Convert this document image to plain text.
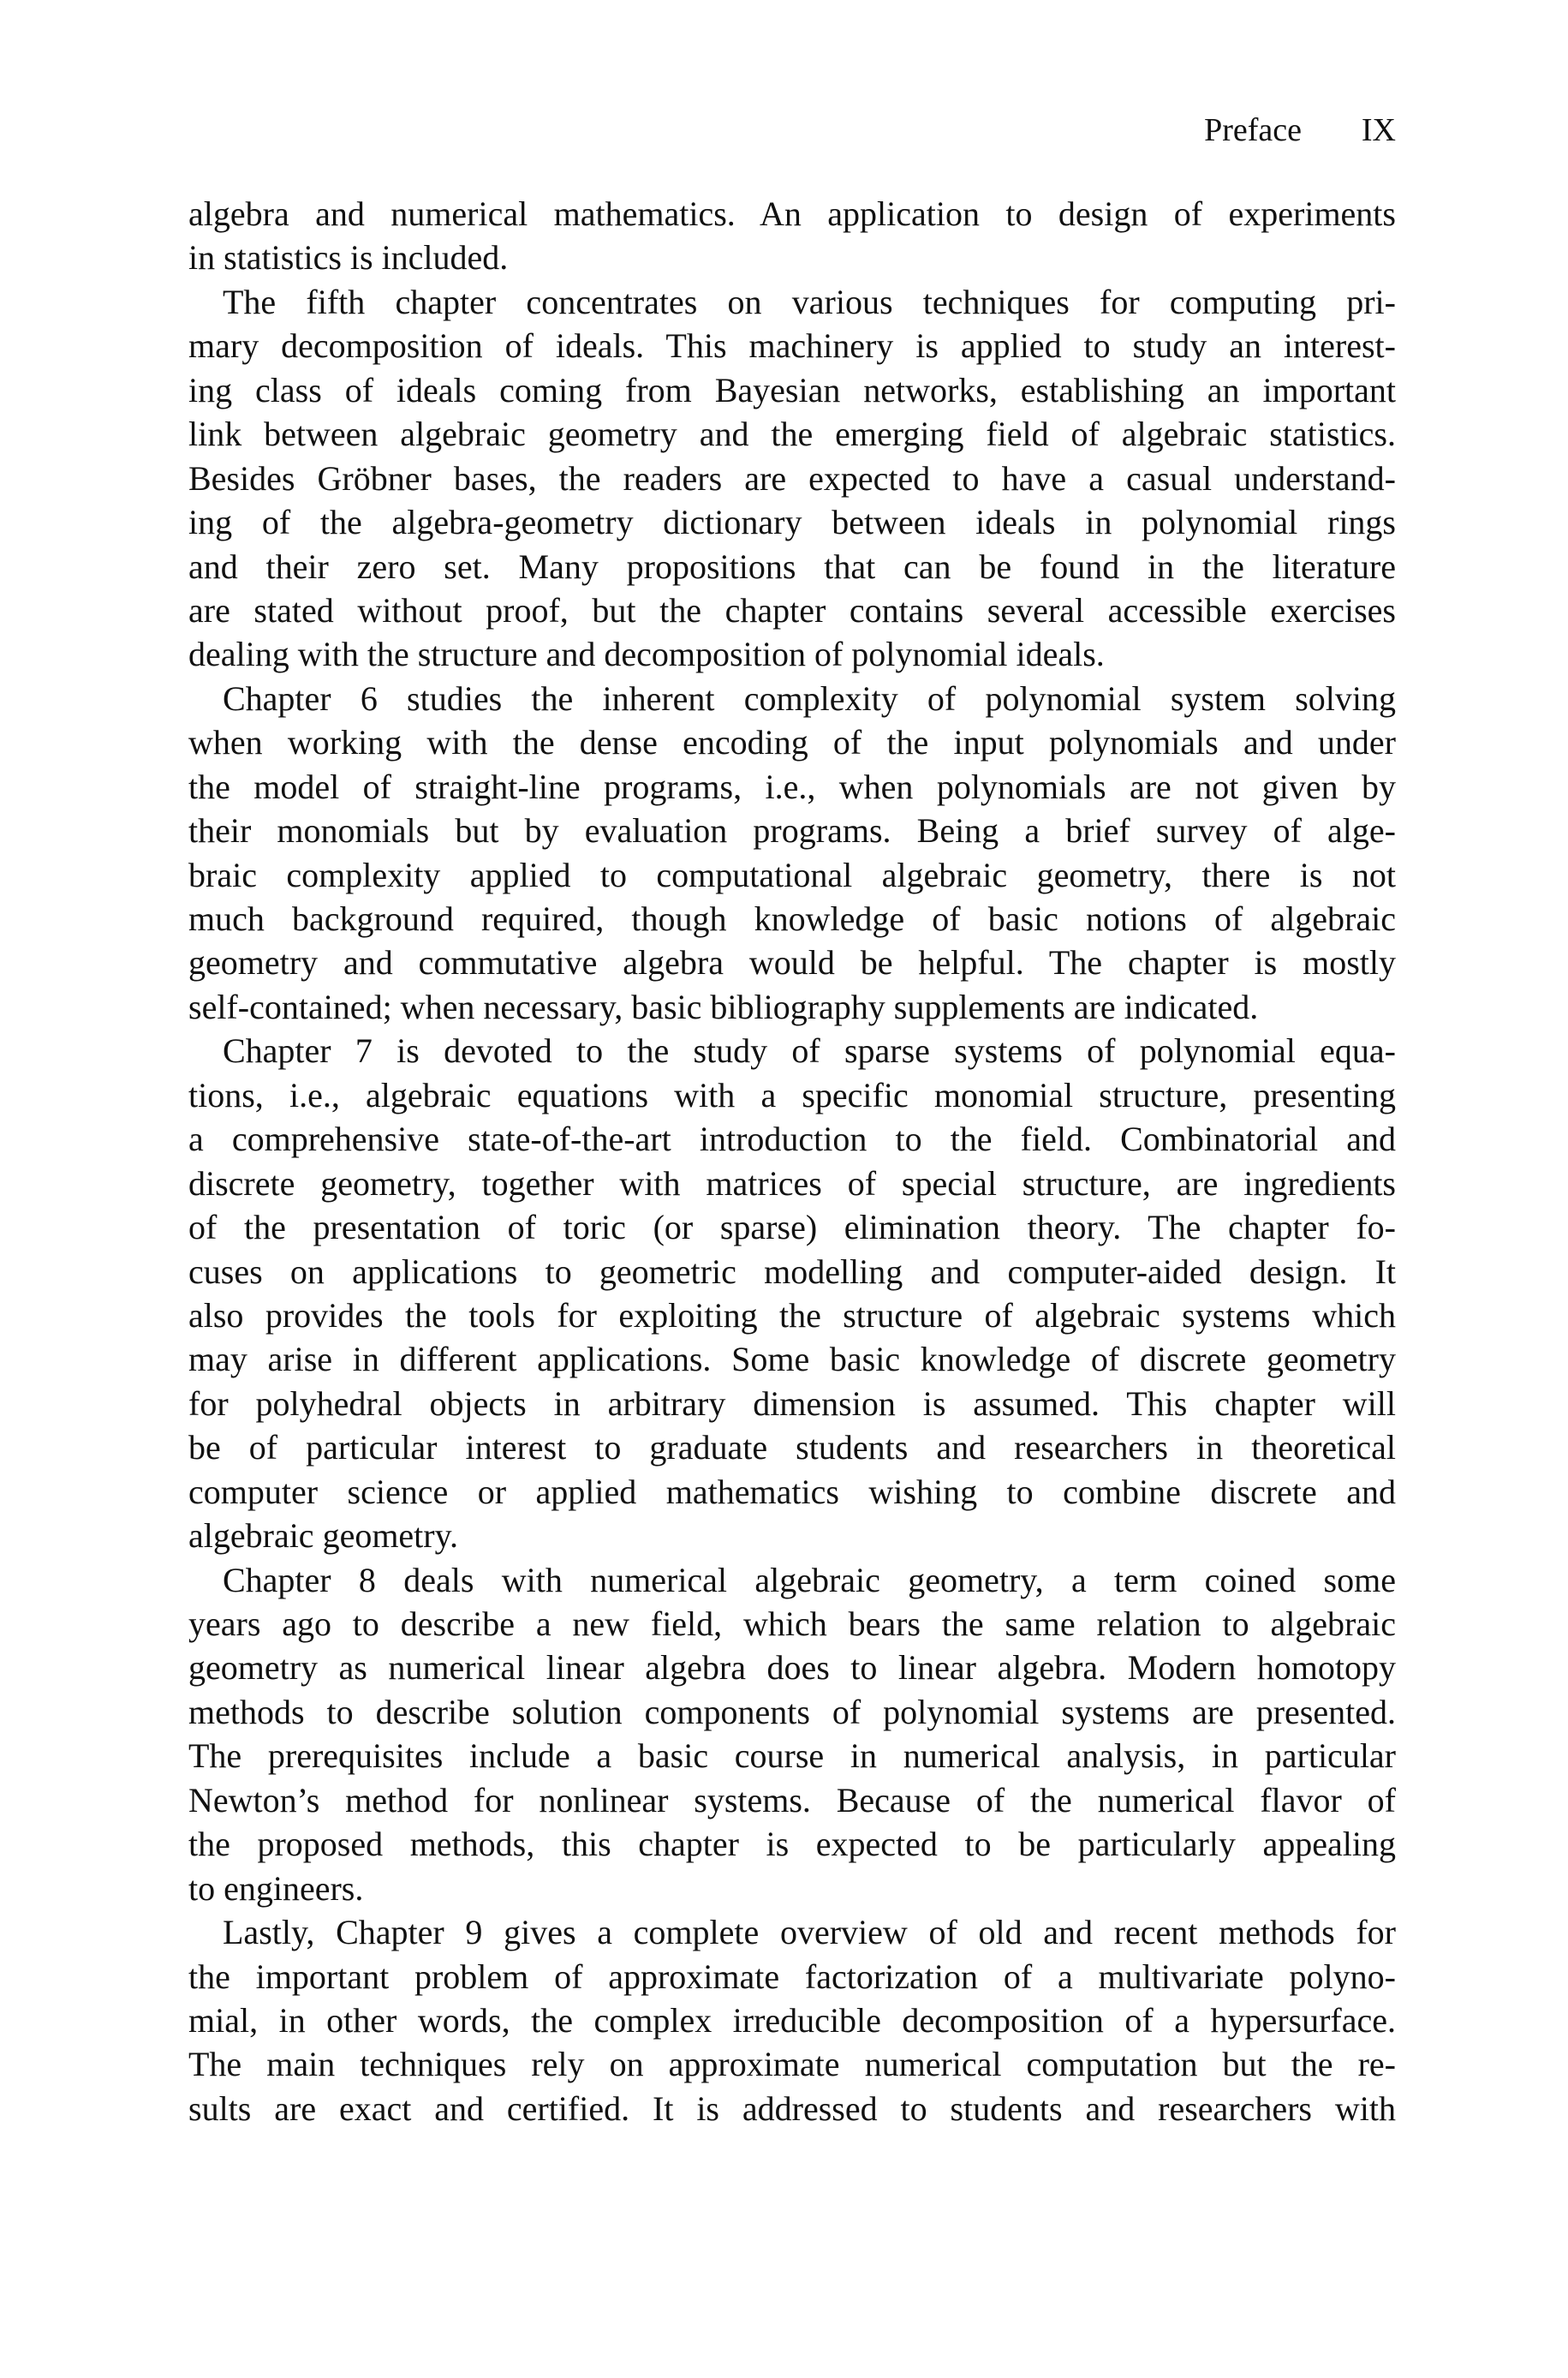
Preface IX
algebra and numerical mathematics. An application to design of experiments
in statistics is included.
The fifth chapter concentrates on various techniques for computing pri-
mary decomposition of ideals. This machinery is applied to study an interest-
ing class of ideals coming from Bayesian networks, establishing an important
link between algebraic geometry and the emerging field of algebraic statistics.
Besides Gröbner bases, the readers are expected to have a casual understand-
ing of the algebra-geometry dictionary between ideals in polynomial rings
and their zero set. Many propositions that can be found in the literature
are stated without proof, but the chapter contains several accessible exercises
dealing with the structure and decomposition of polynomial ideals.
Chapter 6 studies the inherent complexity of polynomial system solving
when working with the dense encoding of the input polynomials and under
the model of straight-line programs, i.e., when polynomials are not given by
their monomials but by evaluation programs. Being a brief survey of alge-
braic complexity applied to computational algebraic geometry, there is not
much background required, though knowledge of basic notions of algebraic
geometry and commutative algebra would be helpful. The chapter is mostly
self-contained; when necessary, basic bibliography supplements are indicated.
Chapter 7 is devoted to the study of sparse systems of polynomial equa-
tions, i.e., algebraic equations with a specific monomial structure, presenting
a comprehensive state-of-the-art introduction to the field. Combinatorial and
discrete geometry, together with matrices of special structure, are ingredients
of the presentation of toric (or sparse) elimination theory. The chapter fo-
cuses on applications to geometric modelling and computer-aided design. It
also provides the tools for exploiting the structure of algebraic systems which
may arise in different applications. Some basic knowledge of discrete geometry
for polyhedral objects in arbitrary dimension is assumed. This chapter will
be of particular interest to graduate students and researchers in theoretical
computer science or applied mathematics wishing to combine discrete and
algebraic geometry.
Chapter 8 deals with numerical algebraic geometry, a term coined some
years ago to describe a new field, which bears the same relation to algebraic
geometry as numerical linear algebra does to linear algebra. Modern homotopy
methods to describe solution components of polynomial systems are presented.
The prerequisites include a basic course in numerical analysis, in particular
Newton’s method for nonlinear systems. Because of the numerical flavor of
the proposed methods, this chapter is expected to be particularly appealing
to engineers.
Lastly, Chapter 9 gives a complete overview of old and recent methods for
the important problem of approximate factorization of a multivariate polyno-
mial, in other words, the complex irreducible decomposition of a hypersurface.
The main techniques rely on approximate numerical computation but the re-
sults are exact and certified. It is addressed to students and researchers with
